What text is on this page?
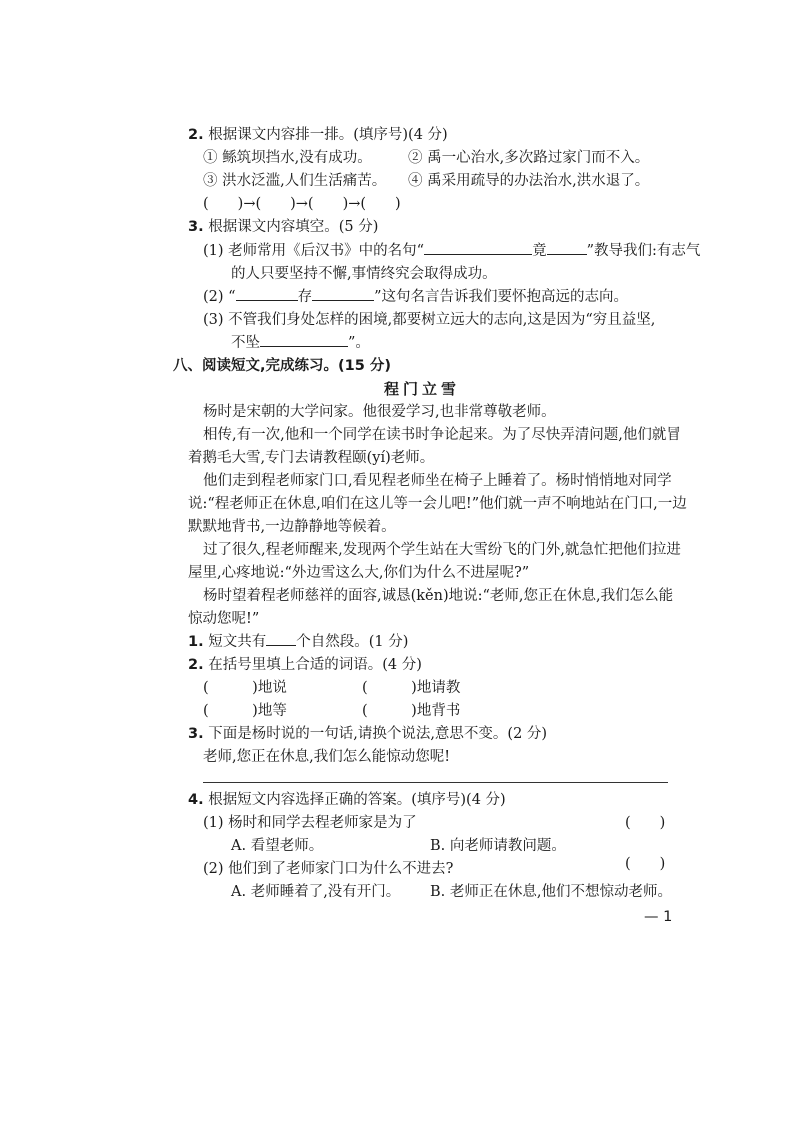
2. 根据课文内容排一排。(填序号)(4 分)
① 鲧筑坝挡水,没有成功。	② 禹一心治水,多次路过家门而不入。
③ 洪水泛滥,人们生活痛苦。 ④ 禹采用疏导的办法治水,洪水退了。
(　　)→(　　)→(　　)→(　　)
3. 根据课文内容填空。(5 分)
(1) 老师常用《后汉书》中的名句“	竟	”教导我们:有志气
的人只要坚持不懈,事情终究会取得成功。
(2) “	存	”这句名言告诉我们要怀抱高远的志向。
(3) 不管我们身处怎样的困境,都要树立远大的志向,这是因为“穷且益坚,
不坠	”。
八、阅读短文,完成练习。(15 分)
程门立雪
杨时是宋朝的大学问家。他很爱学习,也非常尊敬老师。
相传,有一次,他和一个同学在读书时争论起来。为了尽快弄清问题,他们就冒
着鹅毛大雪,专门去请教程颐(yí)老师。
他们走到程老师家门口,看见程老师坐在椅子上睡着了。杨时悄悄地对同学
说:“程老师正在休息,咱们在这儿等一会儿吧!”他们就一声不响地站在门口,一边
默默地背书,一边静静地等候着。
过了很久,程老师醒来,发现两个学生站在大雪纷飞的门外,就急忙把他们拉进
屋里,心疼地说:“外边雪这么大,你们为什么不进屋呢?”
杨时望着程老师慈祥的面容,诚恳(kěn)地说:“老师,您正在休息,我们怎么能
惊动您呢!”
1. 短文共有 个自然段。(1 分)
2. 在括号里填上合适的词语。(4 分)
(　　　)地说	(　　　)地请教
(　　　)地等	(　　　)地背书
3. 下面是杨时说的一句话,请换个说法,意思不变。(2 分)
老师,您正在休息,我们怎么能惊动您呢!
4. 根据短文内容选择正确的答案。(填序号)(4 分)
(1) 杨时和同学去程老师家是为了	(　　)
A. 看望老师。	B. 向老师请教问题。
(2) 他们到了老师家门口为什么不进去?	(　　)
A. 老师睡着了,没有开门。 B. 老师正在休息,他们不想惊动老师。
— 1
